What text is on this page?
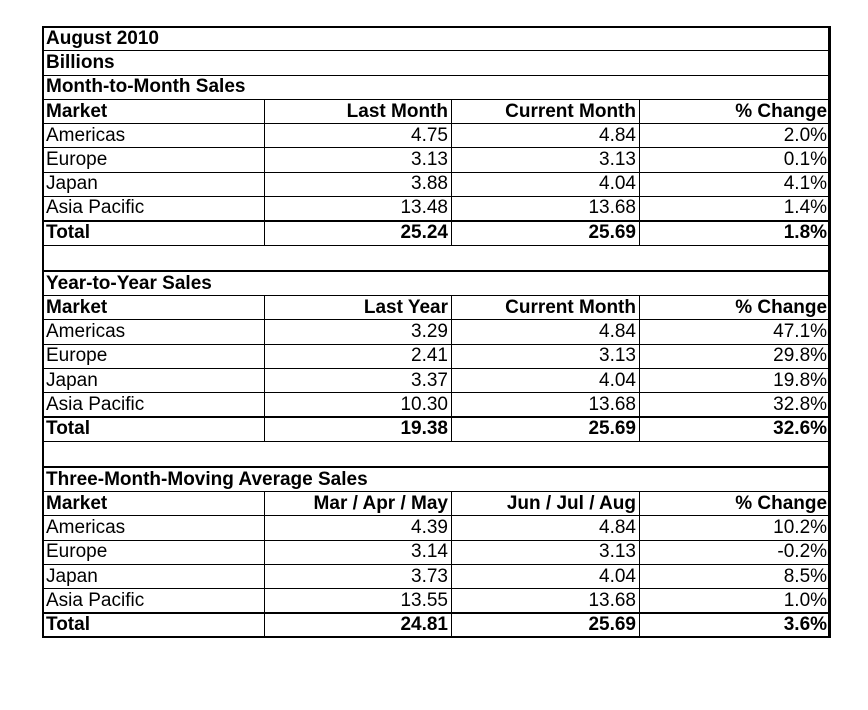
August 2010			
Billions			
Month-to-Month Sales			
Market	Last Month	Current Month	% Change
Americas	4.75	4.84	2.0%
Europe	3.13	3.13	0.1%
Japan	3.88	4.04	4.1%
Asia Pacific	13.48	13.68	1.4%
Total	25.24	25.69	1.8%

Year-to-Year Sales			
Market	Last Year	Current Month	% Change
Americas	3.29	4.84	47.1%
Europe	2.41	3.13	29.8%
Japan	3.37	4.04	19.8%
Asia Pacific	10.30	13.68	32.8%
Total	19.38	25.69	32.6%

Three-Month-Moving Average Sales			
Market	Mar / Apr / May	Jun / Jul / Aug	% Change
Americas	4.39	4.84	10.2%
Europe	3.14	3.13	-0.2%
Japan	3.73	4.04	8.5%
Asia Pacific	13.55	13.68	1.0%
Total	24.81	25.69	3.6%
